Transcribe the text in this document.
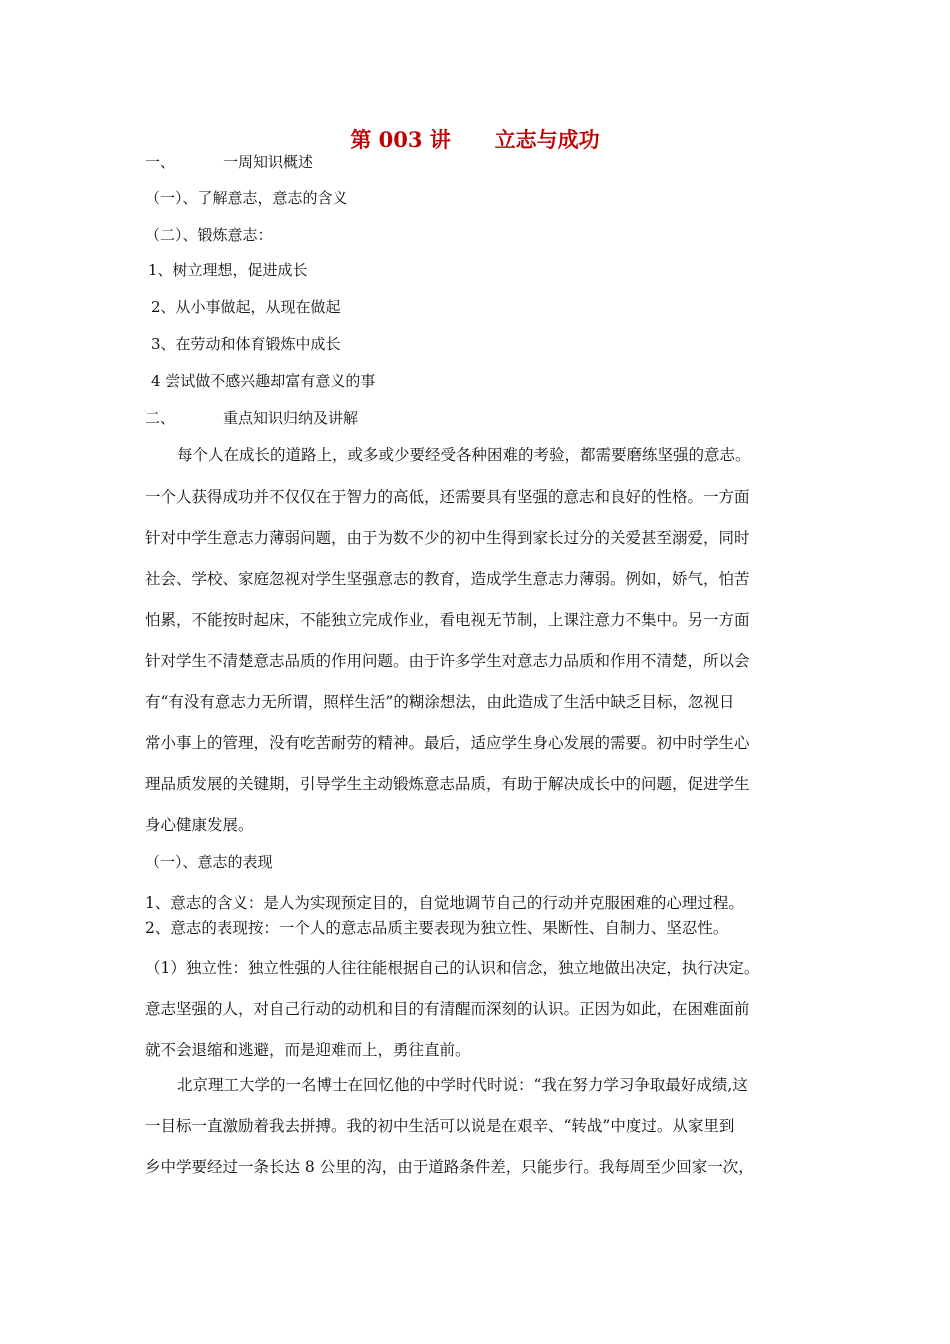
第 003 讲      立志与成功

一、	一周知识概述

（一）、了解意志，意志的含义

（二）、锻炼意志：

1、树立理想，促进成长

2、从小事做起，从现在做起

3、在劳动和体育锻炼中成长

4 尝试做不感兴趣却富有意义的事

二、	重点知识归纳及讲解

每个人在成长的道路上，或多或少要经受各种困难的考验，都需要磨练坚强的意志。

一个人获得成功并不仅仅在于智力的高低，还需要具有坚强的意志和良好的性格。一方面

针对中学生意志力薄弱问题，由于为数不少的初中生得到家长过分的关爱甚至溺爱，同时

社会、学校、家庭忽视对学生坚强意志的教育，造成学生意志力薄弱。例如，娇气，怕苦

怕累，不能按时起床，不能独立完成作业，看电视无节制，上课注意力不集中。另一方面

针对学生不清楚意志品质的作用问题。由于许多学生对意志力品质和作用不清楚，所以会

有“有没有意志力无所谓，照样生活”的糊涂想法，由此造成了生活中缺乏目标，忽视日

常小事上的管理，没有吃苦耐劳的精神。最后，适应学生身心发展的需要。初中时学生心

理品质发展的关键期，引导学生主动锻炼意志品质，有助于解决成长中的问题，促进学生

身心健康发展。

（一）、意志的表现

1、意志的含义：是人为实现预定目的，自觉地调节自己的行动并克服困难的心理过程。

2、意志的表现按：一个人的意志品质主要表现为独立性、果断性、自制力、坚忍性。

（1）独立性：独立性强的人往往能根据自己的认识和信念，独立地做出决定，执行决定。

意志坚强的人，对自己行动的动机和目的有清醒而深刻的认识。正因为如此，在困难面前

就不会退缩和逃避，而是迎难而上，勇往直前。

北京理工大学的一名博士在回忆他的中学时代时说：“我在努力学习争取最好成绩,这

一目标一直激励着我去拼搏。我的初中生活可以说是在艰辛、“转战”中度过。从家里到

乡中学要经过一条长达 8 公里的沟，由于道路条件差，只能步行。我每周至少回家一次，
